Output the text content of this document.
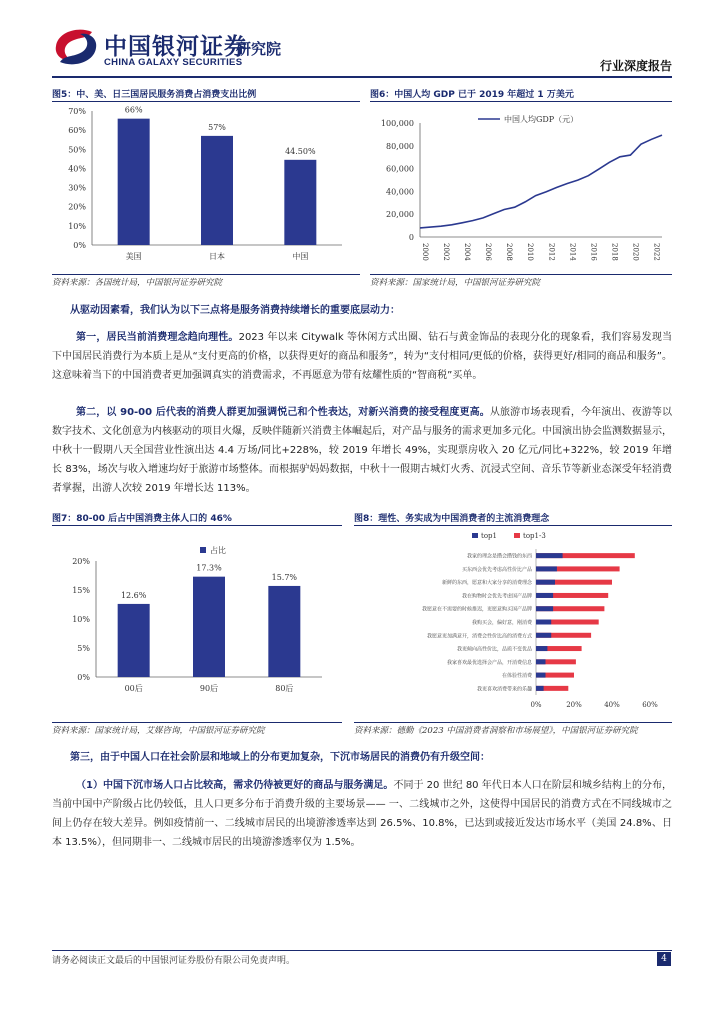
中国银河证券
CHINA GALAXY SECURITIES
研究院
行业深度报告
图5：中、美、日三国居民服务消费占消费支出比例
0%
10%
20%
30%
40%
50%
60%
70%	66%
美国
57%
日本
44.50%
中国
资料来源：各国统计局，中国银河证券研究院
图6：中国人均 GDP 已于 2019 年超过 1 万美元
0
20,000
40,000
60,000
80,000
100,000
2000 2002 2004 2006 2008 2010 2012 2014 2016 2018 2020 2022
中国人均GDP（元）
资料来源：国家统计局，中国银河证券研究院
从驱动因素看，我们认为以下三点将是服务消费持续增长的重要底层动力：
第一，居民当前消费理念趋向理性。2023 年以来 Citywalk 等休闲方式出圈、钻石与黄金饰品的表现分化的现象看，我们容易发现当下中国居民消费行为本质上是从“支付更高的价格，以获得更好的商品和服务”，转为“支付相同/更低的价格，获得更好/相同的商品和服务”。这意味着当下的中国消费者更加强调真实的消费需求，不再愿意为带有炫耀性质的“智商税”买单。
第二，以 90-00 后代表的消费人群更加强调悦己和个性表达，对新兴消费的接受程度更高。从旅游市场表现看，今年演出、夜游等以数字技术、文化创意为内核驱动的项目火爆，反映伴随新兴消费主体崛起后，对产品与服务的需求更加多元化。中国演出协会监测数据显示，中秋十一假期八天全国营业性演出达 4.4 万场/同比+228%，较 2019 年增长 49%，实现票房收入 20 亿元/同比+322%，较 2019 年增长 83%，场次与收入增速均好于旅游市场整体。而根据驴妈妈数据，中秋十一假期古城灯火秀、沉浸式空间、音乐节等新业态深受年轻消费者掌握，出游人次较 2019 年增长达 113%。
图7：80-00 后占中国消费主体人口的 46%
0%
5%
10%
15%
20%
12.6%
00后
17.3%
90后
15.7%
80后
占比
资料来源：国家统计局，艾媒咨询，中国银河证券研究院
图8：理性、务实成为中国消费者的主流消费理念
0%	20%	40%	60%
我家的理念是攒会攒钱的东西
买东西会优先考虑高性价比产品
新鲜的东西，愿意和大家分享的消费理念
我在购物时会优先考虑国产品牌
我愿意在不需要的时候推迟，更愿意购买国产品牌
我购买会，偏好意，刚消费
我愿意更加满意开，消费会性价比高的消费方式
我更倾向高性价比，品质不变优品
我家喜欢最优选择会产品，开消费信息
在体验性消费
我更喜欢消费带来的乐趣
top1	top1-3
资料来源：德勤《2023 中国消费者洞察和市场展望》，中国银河证券研究院
第三，由于中国人口在社会阶层和地域上的分布更加复杂，下沉市场居民的消费仍有升级空间：
（1）中国下沉市场人口占比较高，需求仍待被更好的商品与服务满足。不同于 20 世纪 80 年代日本人口在阶层和城乡结构上的分布，当前中国中产阶级占比仍较低，且人口更多分布于消费升级的主要场景—— 一、二线城市之外，这使得中国居民的消费方式在不同线城市之间上仍存在较大差异。例如疫情前一、二线城市居民的出境游渗透率达到 26.5%、10.8%，已达到或接近发达市场水平（美国 24.8%、日本 13.5%），但同期非一、二线城市居民的出境游渗透率仅为 1.5%。
请务必阅读正文最后的中国银河证券股份有限公司免责声明。	4
